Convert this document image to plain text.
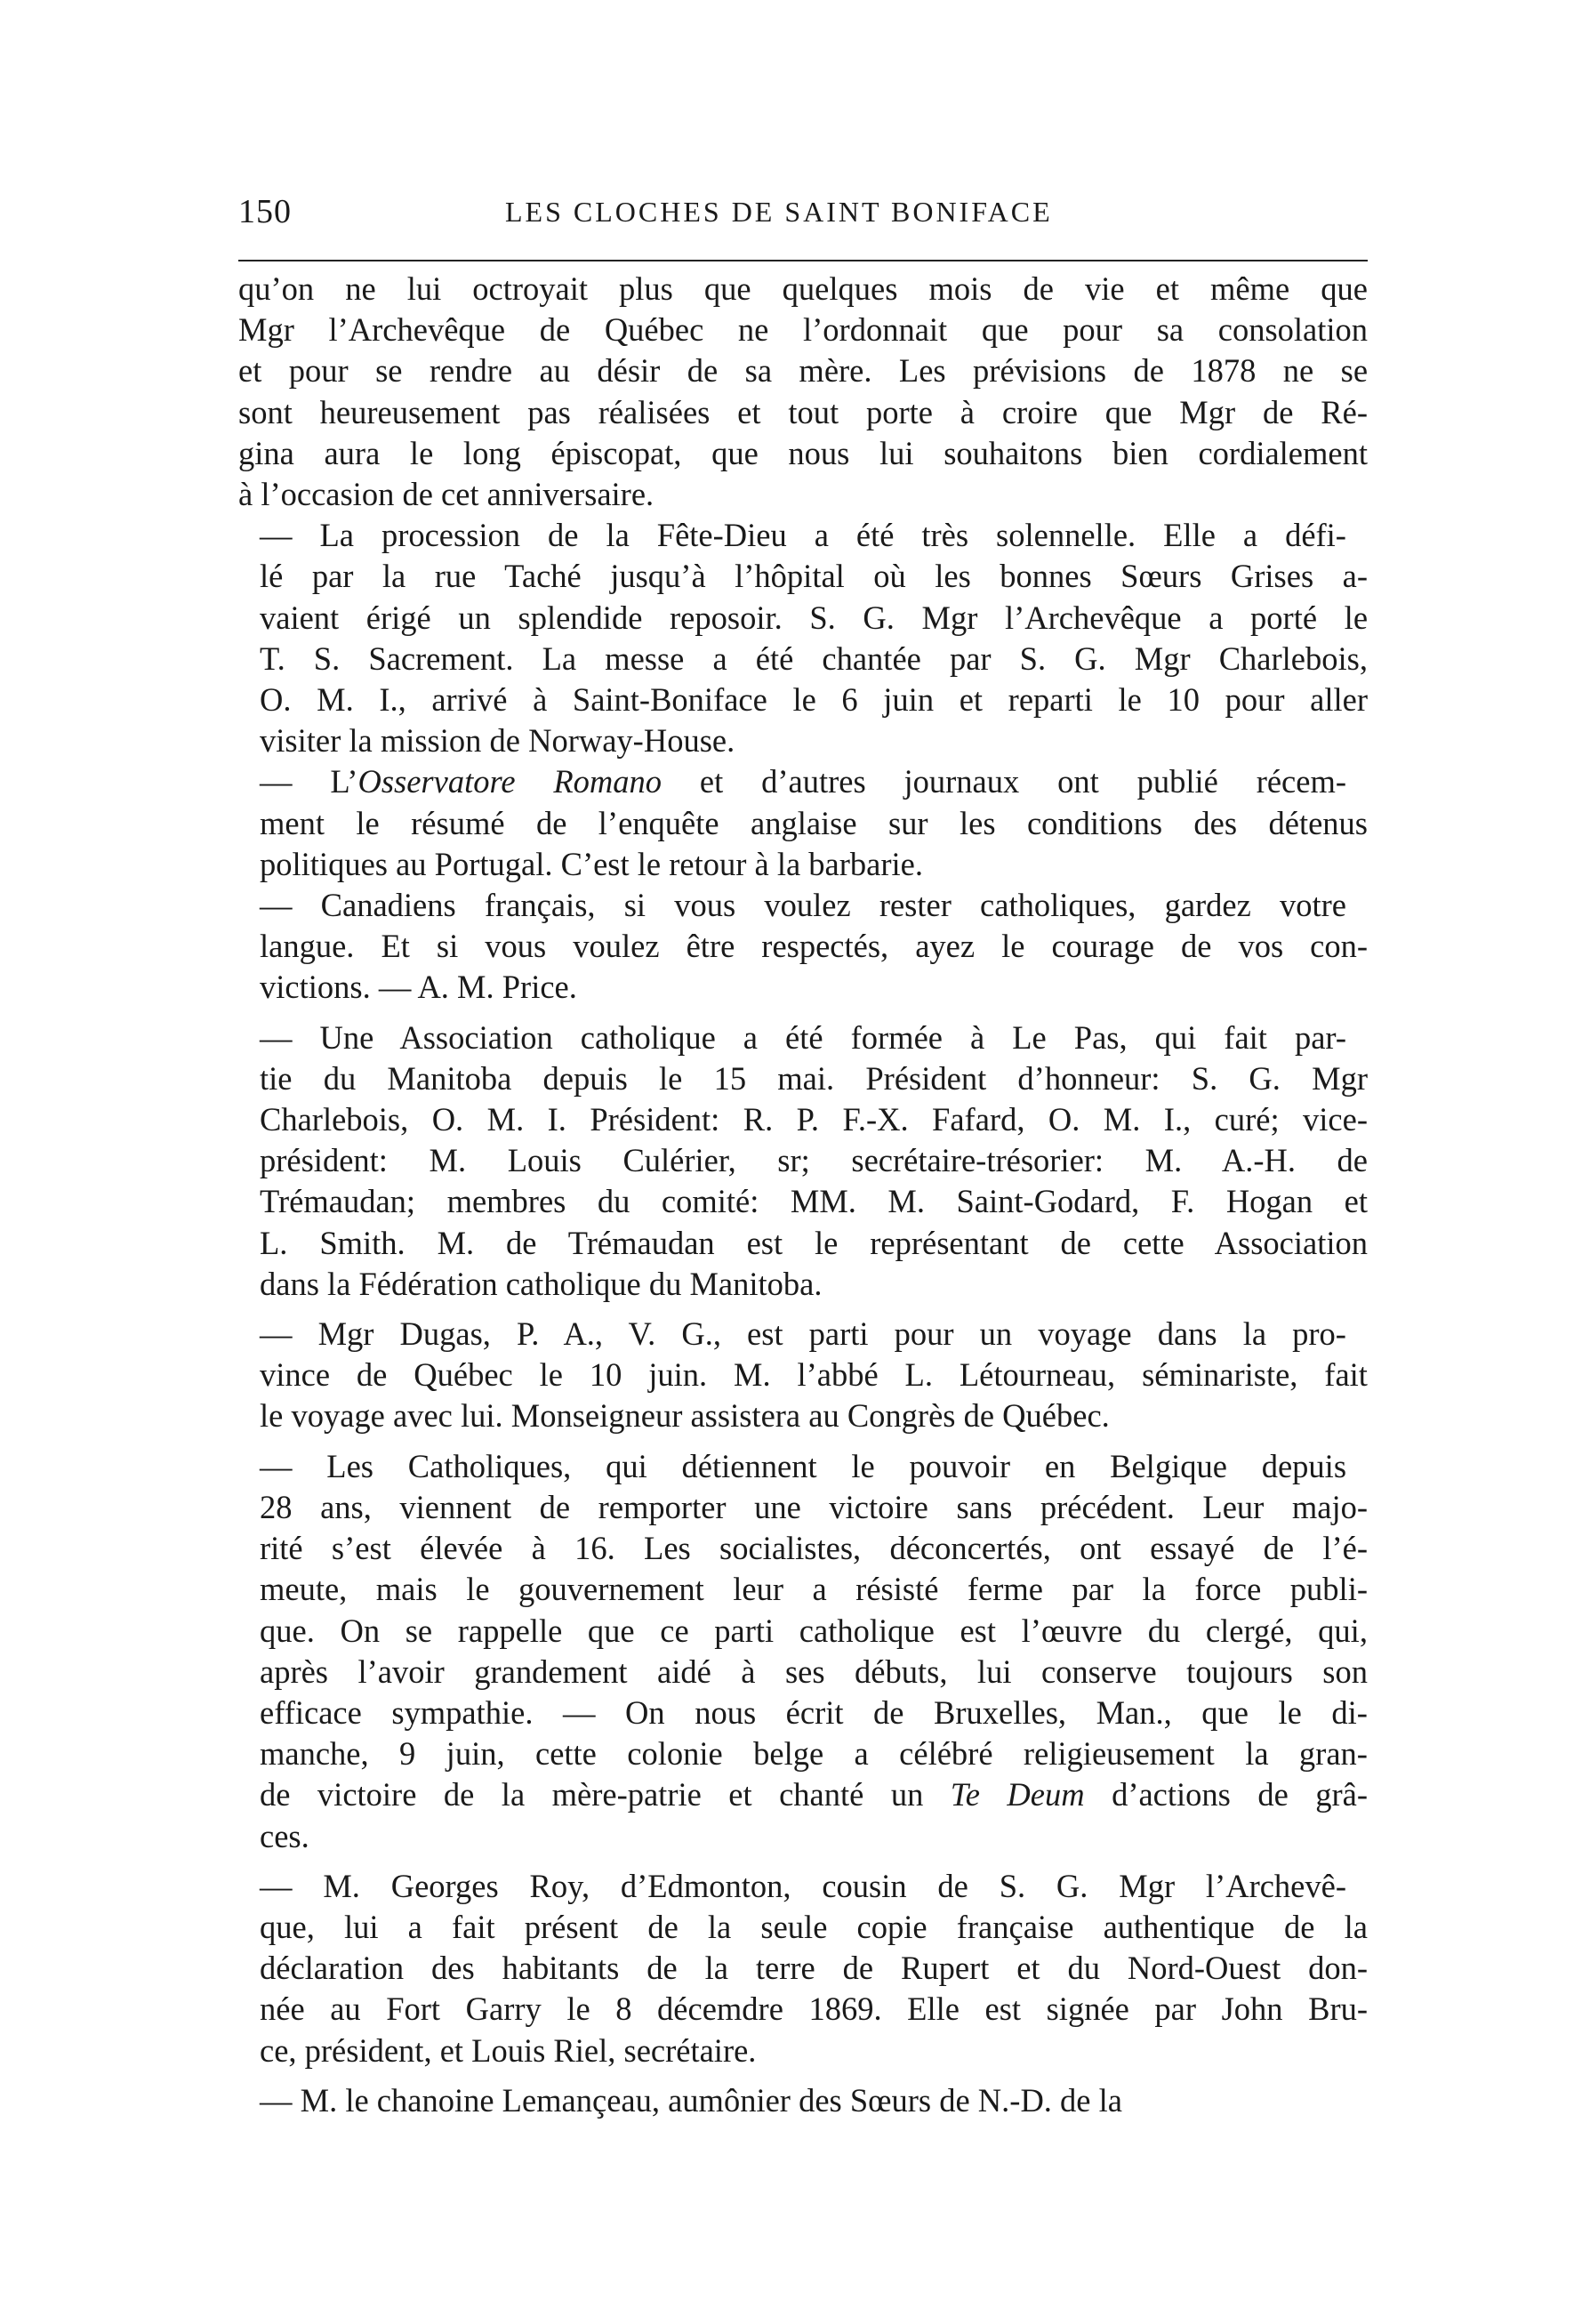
150	LES CLOCHES DE SAINT BONIFACE

qu’on ne lui octroyait plus que quelques mois de vie et même que
Mgr l’Archevêque de Québec ne l’ordonnait que pour sa consolation
et pour se rendre au désir de sa mère. Les prévisions de 1878 ne se
sont heureusement pas réalisées et tout porte à croire que Mgr de Ré-
gina aura le long épiscopat, que nous lui souhaitons bien cordialement
à l’occasion de cet anniversaire.

— La procession de la Fête-Dieu a été très solennelle. Elle a défi-
lé par la rue Taché jusqu’à l’hôpital où les bonnes Sœurs Grises a-
vaient érigé un splendide reposoir. S. G. Mgr l’Archevêque a porté le
T. S. Sacrement. La messe a été chantée par S. G. Mgr Charlebois,
O. M. I., arrivé à Saint-Boniface le 6 juin et reparti le 10 pour aller
visiter la mission de Norway-House.

— L’Osservatore Romano et d’autres journaux ont publié récem-
ment le résumé de l’enquête anglaise sur les conditions des détenus
politiques au Portugal. C’est le retour à la barbarie.

— Canadiens français, si vous voulez rester catholiques, gardez votre
langue. Et si vous voulez être respectés, ayez le courage de vos con-
victions. — A. M. Price.

— Une Association catholique a été formée à Le Pas, qui fait par-
tie du Manitoba depuis le 15 mai. Président d’honneur: S. G. Mgr
Charlebois, O. M. I. Président: R. P. F.-X. Fafard, O. M. I., curé; vice-
président: M. Louis Culérier, sr; secrétaire-trésorier: M. A.-H. de
Trémaudan; membres du comité: MM. M. Saint-Godard, F. Hogan et
L. Smith. M. de Trémaudan est le représentant de cette Association
dans la Fédération catholique du Manitoba.

— Mgr Dugas, P. A., V. G., est parti pour un voyage dans la pro-
vince de Québec le 10 juin. M. l’abbé L. Létourneau, séminariste, fait
le voyage avec lui. Monseigneur assistera au Congrès de Québec.

— Les Catholiques, qui détiennent le pouvoir en Belgique depuis
28 ans, viennent de remporter une victoire sans précédent. Leur majo-
rité s’est élevée à 16. Les socialistes, déconcertés, ont essayé de l’é-
meute, mais le gouvernement leur a résisté ferme par la force publi-
que. On se rappelle que ce parti catholique est l’œuvre du clergé, qui,
après l’avoir grandement aidé à ses débuts, lui conserve toujours son
efficace sympathie. — On nous écrit de Bruxelles, Man., que le di-
manche, 9 juin, cette colonie belge a célébré religieusement la gran-
de victoire de la mère-patrie et chanté un Te Deum d’actions de grâ-
ces.

— M. Georges Roy, d’Edmonton, cousin de S. G. Mgr l’Archevê-
que, lui a fait présent de la seule copie française authentique de la
déclaration des habitants de la terre de Rupert et du Nord-Ouest don-
née au Fort Garry le 8 décemdre 1869. Elle est signée par John Bru-
ce, président, et Louis Riel, secrétaire.

— M. le chanoine Lemançeau, aumônier des Sœurs de N.-D. de la
